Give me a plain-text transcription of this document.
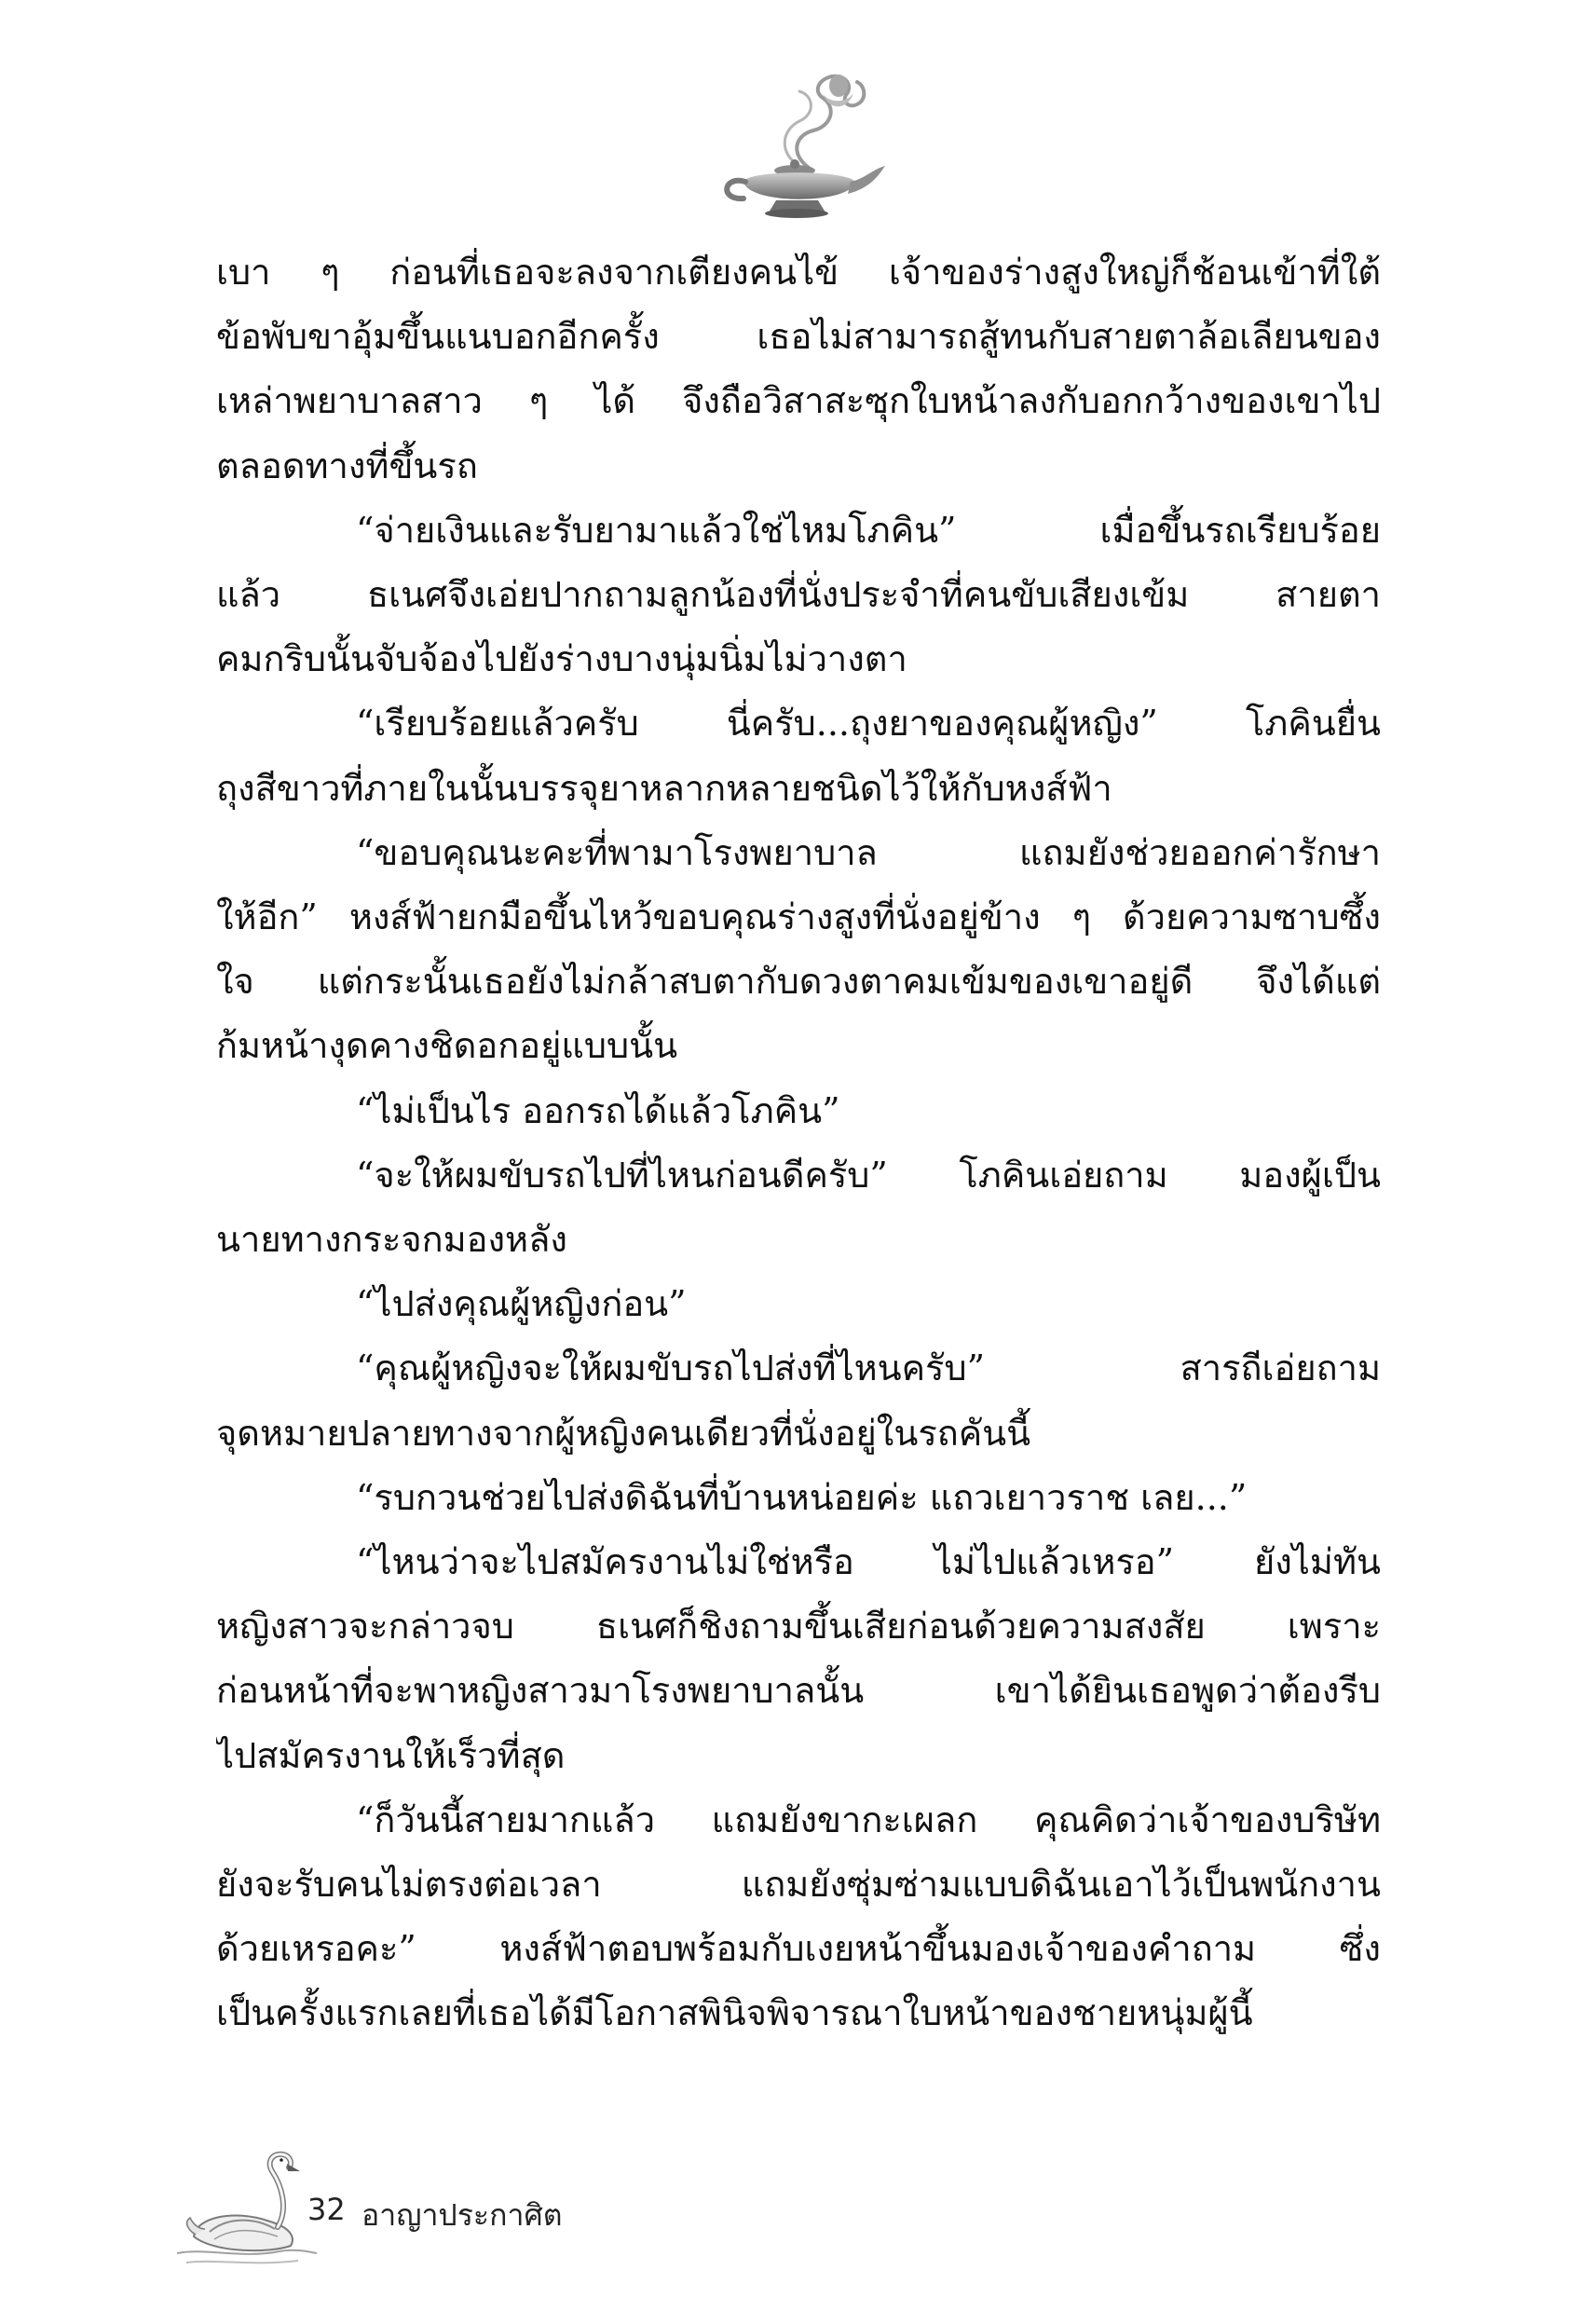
เบา ๆ ก่อนที่เธอจะลงจากเตียงคนไข้ เจ้าของร่างสูงใหญ่ก็ช้อนเข้าที่ใต้
ข้อพับขาอุ้มขึ้นแนบอกอีกครั้ง เธอไม่สามารถสู้ทนกับสายตาล้อเลียนของ
เหล่าพยาบาลสาว ๆ ได้ จึงถือวิสาสะซุกใบหน้าลงกับอกกว้างของเขาไป
ตลอดทางที่ขึ้นรถ
“จ่ายเงินและรับยามาแล้วใช่ไหมโภคิน” เมื่อขึ้นรถเรียบร้อย
แล้ว ธเนศจึงเอ่ยปากถามลูกน้องที่นั่งประจำที่คนขับเสียงเข้ม สายตา
คมกริบนั้นจับจ้องไปยังร่างบางนุ่มนิ่มไม่วางตา
“เรียบร้อยแล้วครับ นี่ครับ...ถุงยาของคุณผู้หญิง” โภคินยื่น
ถุงสีขาวที่ภายในนั้นบรรจุยาหลากหลายชนิดไว้ให้กับหงส์ฟ้า
“ขอบคุณนะคะที่พามาโรงพยาบาล แถมยังช่วยออกค่ารักษา
ให้อีก” หงส์ฟ้ายกมือขึ้นไหว้ขอบคุณร่างสูงที่นั่งอยู่ข้าง ๆ ด้วยความซาบซึ้ง
ใจ แต่กระนั้นเธอยังไม่กล้าสบตากับดวงตาคมเข้มของเขาอยู่ดี จึงได้แต่
ก้มหน้างุดคางชิดอกอยู่แบบนั้น
“ไม่เป็นไร ออกรถได้แล้วโภคิน”
“จะให้ผมขับรถไปที่ไหนก่อนดีครับ” โภคินเอ่ยถาม มองผู้เป็น
นายทางกระจกมองหลัง
“ไปส่งคุณผู้หญิงก่อน”
“คุณผู้หญิงจะให้ผมขับรถไปส่งที่ไหนครับ” สารถีเอ่ยถาม
จุดหมายปลายทางจากผู้หญิงคนเดียวที่นั่งอยู่ในรถคันนี้
“รบกวนช่วยไปส่งดิฉันที่บ้านหน่อยค่ะ แถวเยาวราช เลย...”
“ไหนว่าจะไปสมัครงานไม่ใช่หรือ ไม่ไปแล้วเหรอ” ยังไม่ทัน
หญิงสาวจะกล่าวจบ ธเนศก็ชิงถามขึ้นเสียก่อนด้วยความสงสัย เพราะ
ก่อนหน้าที่จะพาหญิงสาวมาโรงพยาบาลนั้น เขาได้ยินเธอพูดว่าต้องรีบ
ไปสมัครงานให้เร็วที่สุด
“ก็วันนี้สายมากแล้ว แถมยังขากะเผลก คุณคิดว่าเจ้าของบริษัท
ยังจะรับคนไม่ตรงต่อเวลา แถมยังซุ่มซ่ามแบบดิฉันเอาไว้เป็นพนักงาน
ด้วยเหรอคะ” หงส์ฟ้าตอบพร้อมกับเงยหน้าขึ้นมองเจ้าของคำถาม ซึ่ง
เป็นครั้งแรกเลยที่เธอได้มีโอกาสพินิจพิจารณาใบหน้าของชายหนุ่มผู้นี้
32 อาญาประกาศิต
